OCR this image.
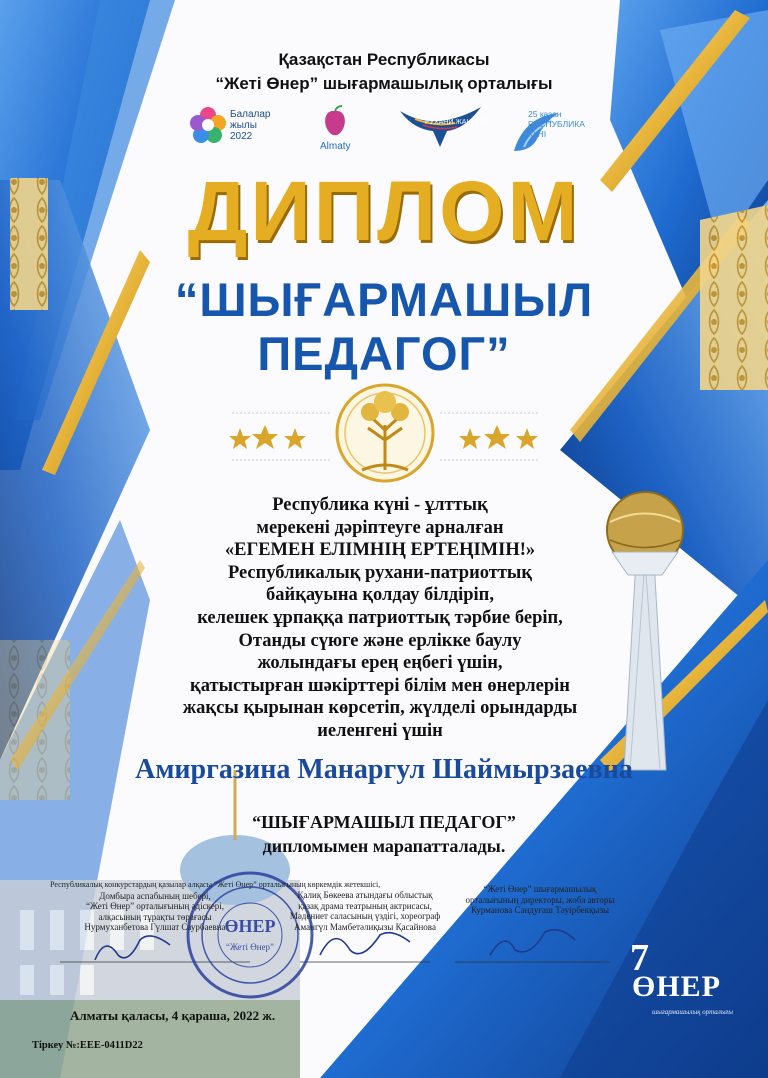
Қазақстан Республикасы
“Жеті Өнер” шығармашылық орталығы
Балалар жылы 2022
Almaty
РУХАНИ ЖАҢҒЫРУ
25 қазан РЕСПУБЛИКА КҮНІ
ДИПЛОМ
“ШЫҒАРМАШЫЛ
ПЕДАГОГ”
Республика күні - ұлттық
мерекені дәріптеуге арналған
«ЕГЕМЕН ЕЛІМНІҢ ЕРТЕҢІМІН!»
Республикалық рухани-патриоттық
байқауына қолдау білдіріп,
келешек ұрпаққа патриоттық тәрбие беріп,
Отанды сүюге және ерлікке баулу
жолындағы ерең еңбегі үшін,
қатыстырған шәкірттері білім мен өнерлерін
жақсы қырынан көрсетіп, жүлделі орындарды
иеленгені үшін
Амиргазина Манаргул Шаймырзаевна
“ШЫҒАРМАШЫЛ ПЕДАГОГ”
дипломымен марапатталады.
Республикалық конкурстардың қазылар алқасы “Жеті Өнер” орталығының көркемдік жетекшісі,
Домбыра аспабының шебері,
“Жеті Өнер” орталығының әдіскері,
алқасының тұрақты төрағасы
Нурмуханбетова Гүлшат Саурбаевна
Қалиқ Бөкеева атындағы облыстық
қазақ драма театрының актрисасы,
Мәдениет саласының үздігі, хореограф
Амангүл Мамбетәлиқызы Қасайнова
“Жеті Өнер” шығармашылық
орталығының директоры, жоба авторы
Курманова Сандуғаш Тәуірбекқызы
ӨНЕР
“Жеті Өнер”	7
ӨНЕР
шығармашылық орталығы
Алматы қаласы, 4 қараша, 2022 ж.
Тіркеу №:ЕЕЕ-0411D22
